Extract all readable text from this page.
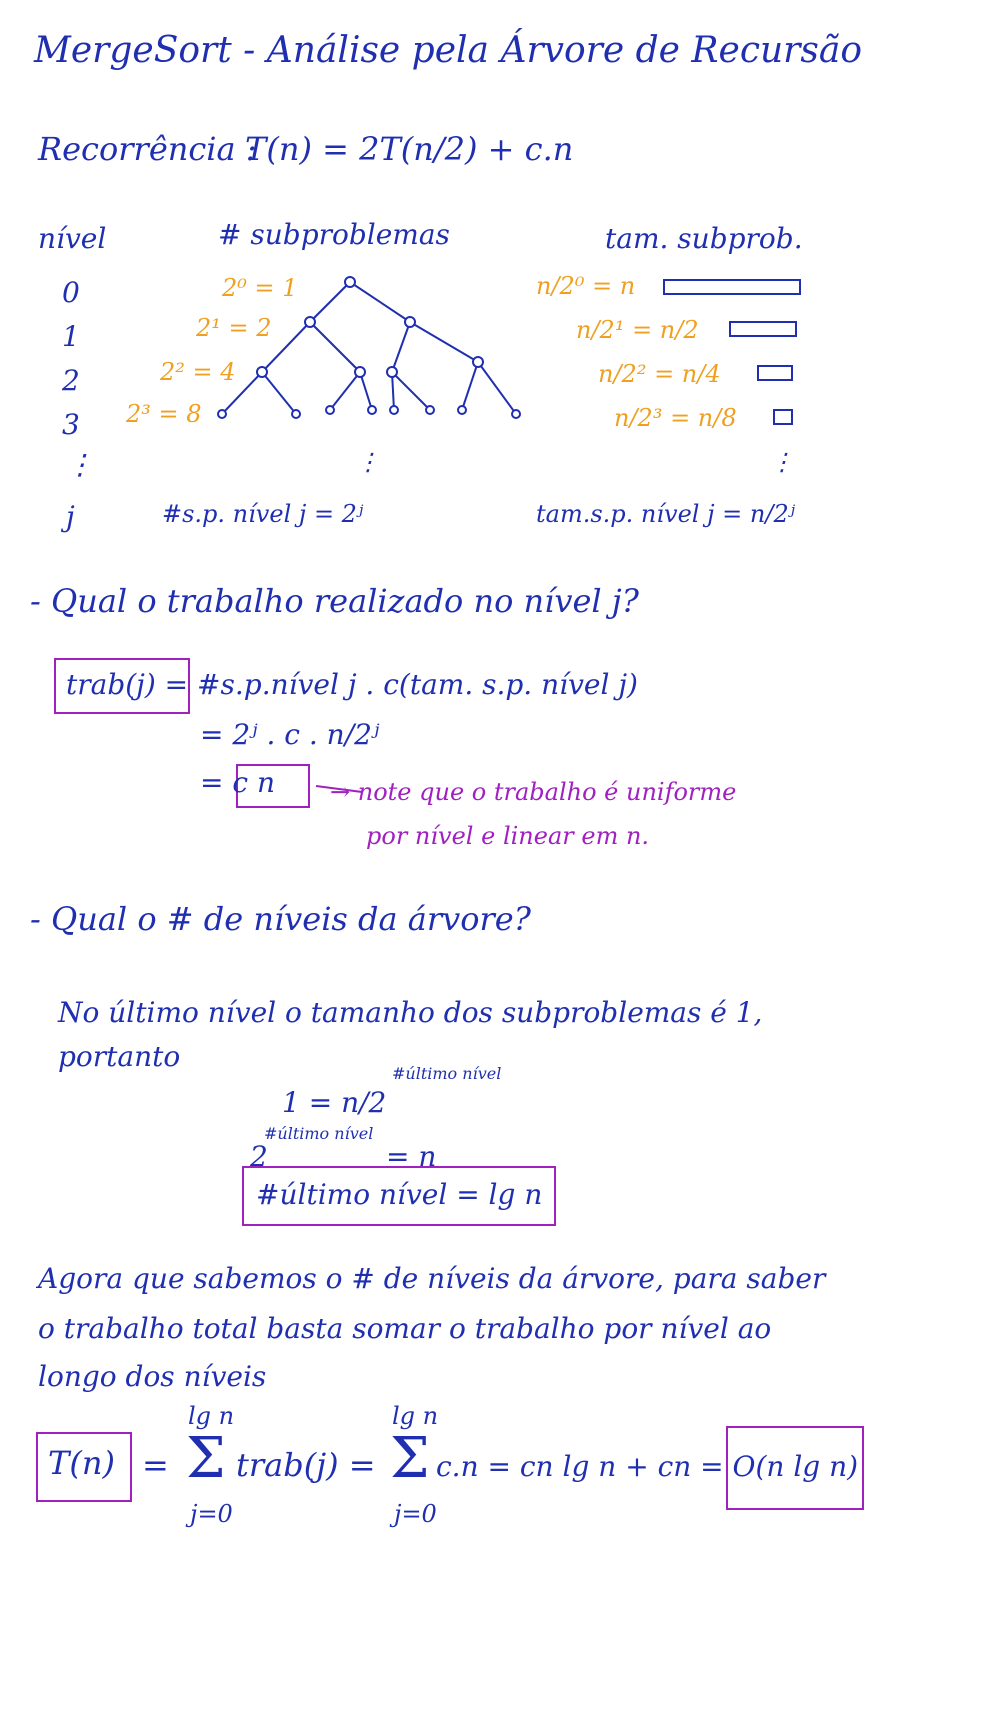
MergeSort - Análise pela Árvore de Recursão
Recorrência :
T(n) = 2T(n/2) + c.n
nível	# subproblemas	tam. subprob.
0
1
2
3
⋮
j
2⁰ = 1
2¹ = 2
2² = 4
2³ = 8
⋮
#s.p. nível j = 2ʲ
n/2⁰ = n
n/2¹ = n/2
n/2² = n/4
n/2³ = n/8
⋮
tam.s.p. nível j = n/2ʲ
- Qual o trabalho realizado no nível j?
trab(j) = #s.p.nível j . c(tam. s.p. nível j)
= 2ʲ . c . n/2ʲ
= c n → note que o trabalho é uniforme
por nível e linear em n.
- Qual o # de níveis da árvore?
No último nível o tamanho dos subproblemas é 1,
portanto
1 = n/2
#último nível
2
#último nível
= n
#último nível = lg n
Agora que sabemos o # de níveis da árvore, para saber
o trabalho total basta somar o trabalho por nível ao
longo dos níveis
T(n) =
lg n
Σ
j=0
trab(j) =
lg n
Σ
j=0
c.n = cn lg n + cn = O(n lg n)
